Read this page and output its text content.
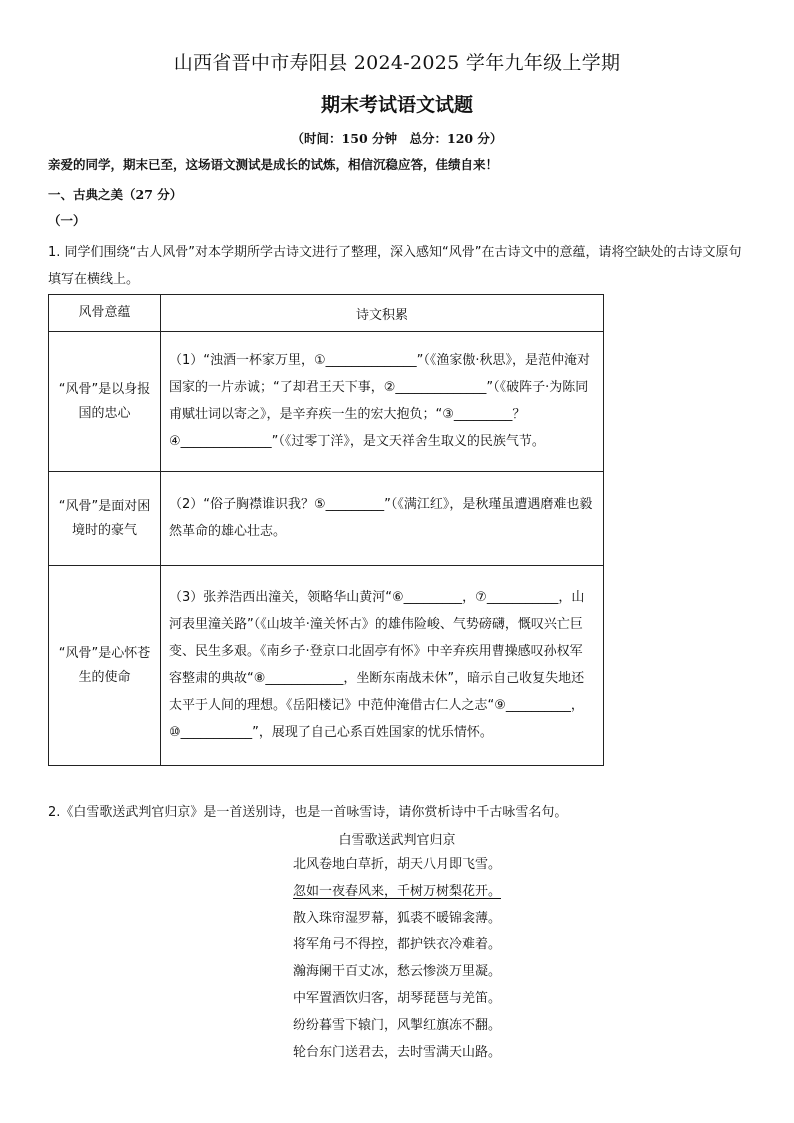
山西省晋中市寿阳县 2024-2025 学年九年级上学期
期末考试语文试题
（时间：150 分钟　总分：120 分）
亲爱的同学，期末已至，这场语文测试是成长的试炼，相信沉稳应答，佳绩自来！
一、古典之美（27 分）
（一）
1. 同学们围绕“古人风骨”对本学期所学古诗文进行了整理，深入感知“风骨”在古诗文中的意蕴，请将空缺处的古诗文原句填写在横线上。
风骨意蕴	诗文积累
“风骨”是以身报国的忠心	（1）“浊酒一杯家万里，①______________”（《渔家傲·秋思》，是范仲淹对国家的一片赤诚；“了却君王天下事，②______________”（《破阵子·为陈同甫赋壮词以寄之》，是辛弃疾一生的宏大抱负；“③_________？④______________”（《过零丁洋》，是文天祥舍生取义的民族气节。
“风骨”是面对困境时的豪气	（2）“俗子胸襟谁识我？⑤_________”（《满江红》，是秋瑾虽遭遇磨难也毅然革命的雄心壮志。
“风骨”是心怀苍生的使命	（3）张养浩西出潼关，领略华山黄河“⑥_________，⑦___________，山河表里潼关路”（《山坡羊·潼关怀古》的雄伟险峻、气势磅礴，慨叹兴亡巨变、民生多艰。《南乡子·登京口北固亭有怀》中辛弃疾用曹操感叹孙权军容整肃的典故“⑧____________，坐断东南战未休”，暗示自己收复失地还太平于人间的理想。《岳阳楼记》中范仲淹借古仁人之志“⑨__________，⑩___________”，展现了自己心系百姓国家的忧乐情怀。
2.《白雪歌送武判官归京》是一首送别诗，也是一首咏雪诗，请你赏析诗中千古咏雪名句。
白雪歌送武判官归京
北风卷地白草折，胡天八月即飞雪。
忽如一夜春风来，千树万树梨花开。
散入珠帘湿罗幕，狐裘不暖锦衾薄。
将军角弓不得控，都护铁衣冷难着。
瀚海阑干百丈冰，愁云惨淡万里凝。
中军置酒饮归客，胡琴琵琶与羌笛。
纷纷暮雪下辕门，风掣红旗冻不翻。
轮台东门送君去，去时雪满天山路。
